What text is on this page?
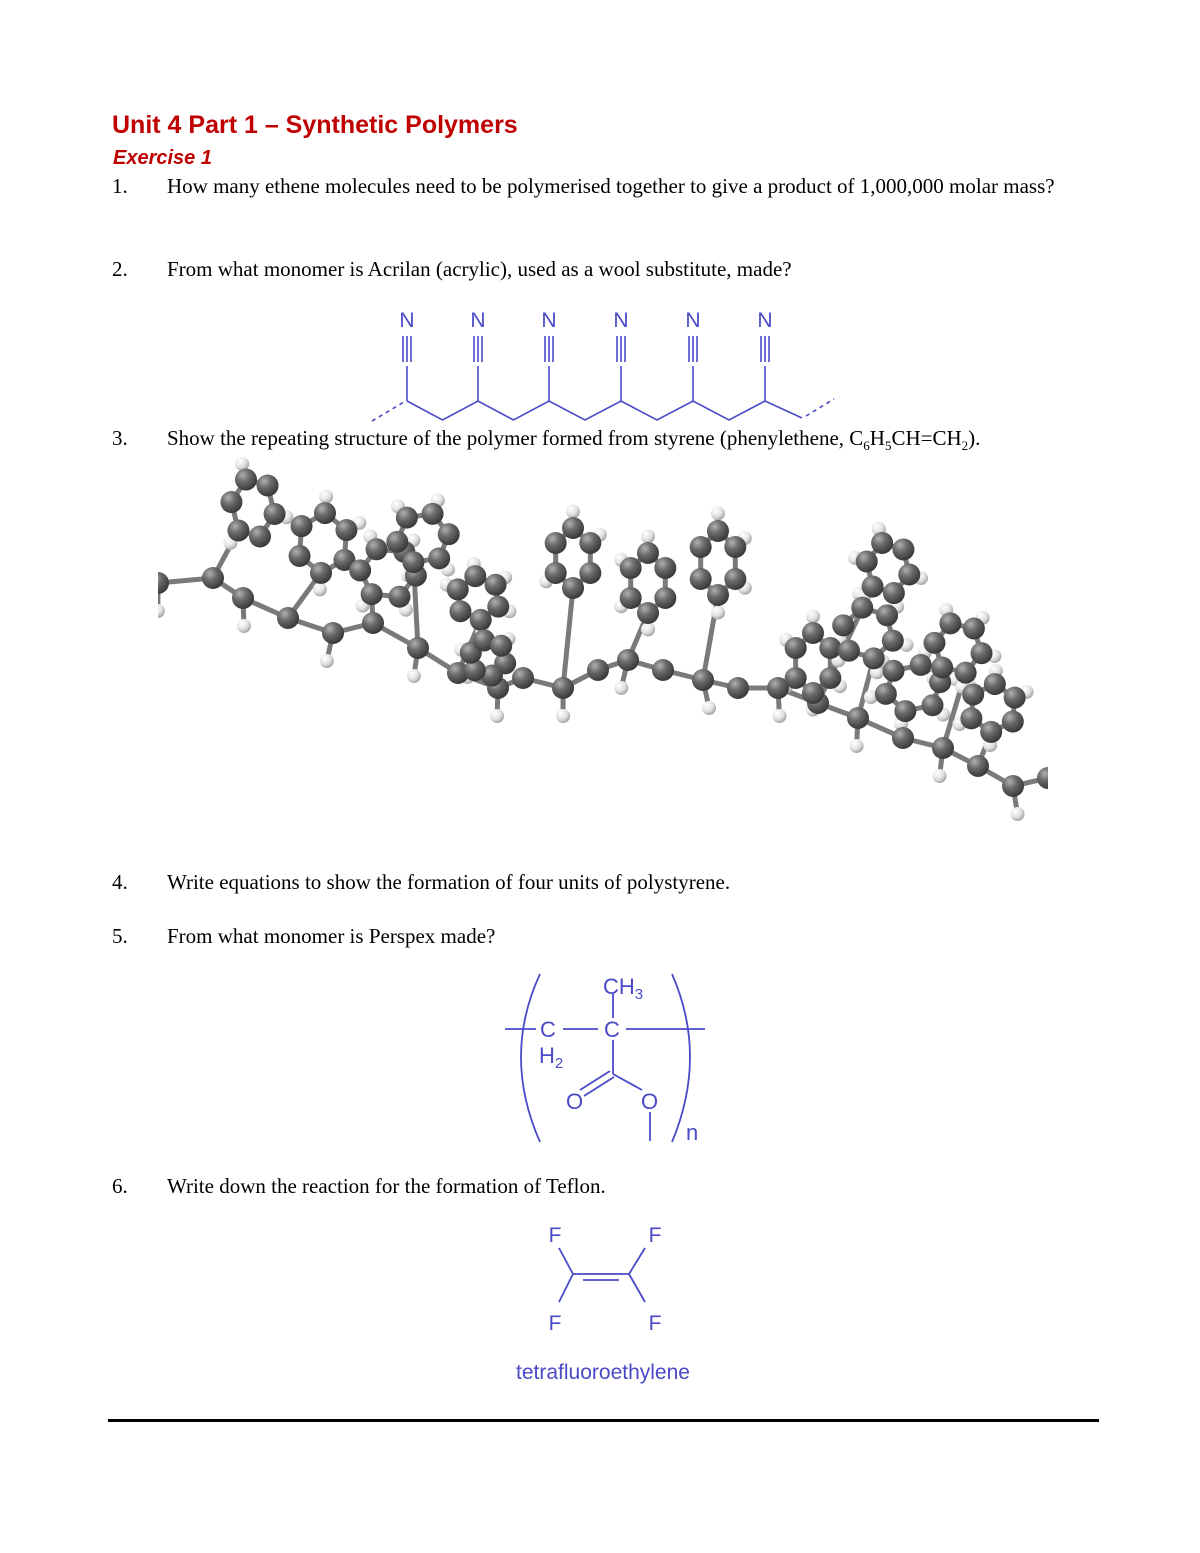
Unit 4 Part 1 – Synthetic Polymers
Exercise 1
1. How many ethene molecules need to be polymerised together to give a product of 1,000,000 molar mass?
2. From what monomer is Acrilan (acrylic), used as a wool substitute, made?
N	N	N	N	N	N
3. Show the repeating structure of the polymer formed from styrene (phenylethene, $C_6H_5CH=CH_2$).
4. Write equations to show the formation of four units of polystyrene.
5. From what monomer is Perspex made?
$CH_3$
C C
$H_2$
O	O
n
6. Write down the reaction for the formation of Teflon.
F	F
F	F
tetrafluoroethylene
